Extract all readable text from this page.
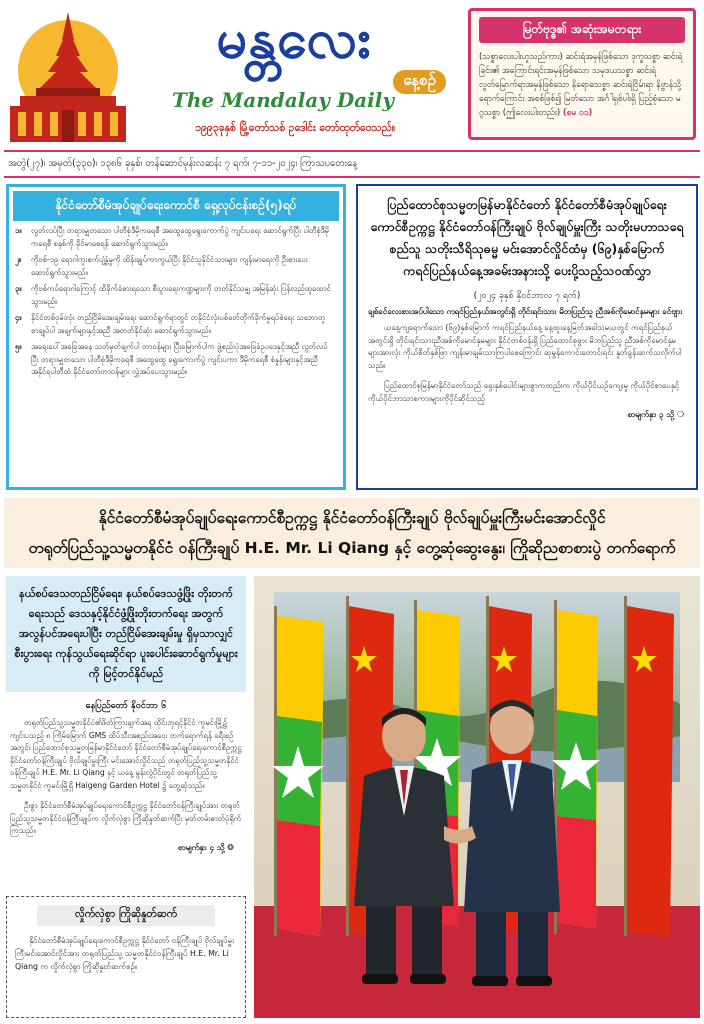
မန္တလေး
နေ့စဉ်
The Mandalay Daily
၁၉၉၃ခုနှစ် မြို့တော်သစ် ဥဒေါင်း တော်ထုတ်ဝေသည်။
မြတ်ဗုဒ္ဓ၏ အဆုံးအမတရား
(သစ္စာလေးပါးဟူသည်ကား) ဆင်းရဲအမှန်ဖြစ်သော ဒုက္ခသစ္စာ ဆင်းရဲခြင်း၏ အကြောင်းရင်းအမှန်ဖြစ်သော သမုဒယသစ္စာ ဆင်းရဲ လွတ်မြောက်ရာအမှန်ဖြစ်သော နိရောဓသစ္စာ ဆင်းရဲငြိမ်းရာ နိဗ္ဗာန်သို့ရောက်ကြောင်း အစစ်ဖြစ်၍ မြတ်သော အင်္ဂါရှစ်ပါးရှိ ပြည့်စုံသော မဂ္ဂသစ္စာ (ဤလေးပါးတည်း) (စမ ၀၁)
အတွဲ(၂၇)၊ အမှတ်(၃၃၀)၊ ၁၃၈၆ ခုနှစ်၊ တန်ဆောင်မုန်းလဆန်း ၇ ရက်၊ ၇-၁၁-၂၀၂၄၊ ကြာသပတေးနေ့
နိုင်ငံတော်စီမံအုပ်ချုပ်ရေးကောင်စီ ရှေ့လုပ်ငန်းစဉ်(၅)ရပ်
၁။	လွတ်လပ်ပြီး တရားမျှတသော ပါတီစုံဒီမိုကရေစီ အထွေထွေရွေးကောက်ပွဲ ကျင်းပရေး ဆောင်ရွက်ပြီး ပါတီစုံဒီမိုကရေစီ စနစ်ကို ခိုင်မာစေရန် ဆောင်ရွက်သွားမည်။
၂။	ကိုဗစ်-၁၉ ရောဂါကူးစက်ပျံ့နှံ့မှုကို ထိန်းချုပ်ကာကွယ်ပြီး နိုင်ငံသူနိုင်ငံသားများ ကျန်းမာရေးကို ဦးစားပေး ဆောင်ရွက်သွားမည်။
၃။	ကိုဗစ်ကပ်ရောဂါကြောင့် ထိခိုက်ခံစားရသော စီးပွားရေးကဏ္ဍများကို တတ်နိုင်သမျှ အမြန်ဆုံး ပြန်လည်ထူထောင်သွားမည်။
၄။	နိုင်ငံတစ်ဝှမ်းလုံး တည်ငြိမ်အေးချမ်းရေး ဆောင်ရွက်ရာတွင် တနိုင်ငံလုံးပစ်ခတ်တိုက်ခိုက်မှုရပ်စဲရေး သဘောတူစာချုပ်ပါ အချက်များနှင့်အညီ အတတ်နိုင်ဆုံး ဆောင်ရွက်သွားမည်။
၅။	အရေးပေါ်အခြေအနေ သတ်မှတ်ချက်ပါ တာဝန်များ ပြီးမြောက်ပါက ဖွဲ့စည်းပုံအခြေခံဥပဒေနှင့်အညီ လွတ်လပ်ပြီး တရားမျှတသော ပါတီစုံဒီမိုကရေစီ အထွေထွေ ရွေးကောက်ပွဲ ကျင်းပကာ ဒီမိုကရေစီ စံနှုန်းများနှင့်အညီ အနိုင်ရပါတီထံ နိုင်ငံတော်တာဝန်များ လွှဲအပ်ပေးသွားမည်။
ပြည်ထောင်စုသမ္မတမြန်မာနိုင်ငံတော် နိုင်ငံတော်စီမံအုပ်ချုပ်ရေး ကောင်စီဥက္ကဋ္ဌ နိုင်ငံတော်ဝန်ကြီးချုပ် ဗိုလ်ချုပ်မှူးကြီး သတိုးမဟာသရေစည်သူ သတိုးသီရိသုဓမ္မ မင်းအောင်လှိုင်ထံမှ (၆၉)နှစ်မြောက် ကရင်ပြည်နယ်နေ့အခမ်းအနားသို့ ပေးပို့သည့်သဝဏ်လွှာ
(၂၀၂၄ ခုနှစ် နိုဝင်ဘာလ ၇ ရက်)
ချစ်ခင်လေးစားအပ်ပါသော ကရင်ပြည်နယ်အတွင်းရှိ တိုင်းရင်းသား မိဘပြည်သူ ညီအစ်ကိုမောင်နှမများ ခင်ဗျား
ယနေ့ကျရောက်သော (၆၉)နှစ်မြောက် ကရင်ပြည်နယ်နေ့ နေ့ထူးနေ့မြတ်အခါသမယတွင် ကရင်ပြည်နယ်အတွင်းရှိ တိုင်းရင်းသားညီအစ်ကိုမောင်နှမများ နိုင်ငံတစ်ဝန်းရှိ ပြည်ထောင်စုဖွား မိဘပြည်သူ ညီအစ်ကိုမောင်နှမများအားလုံး ကိုယ်စိတ်နှစ်ဖြာ ကျန်းမာချမ်းသာကြပါစေကြောင်း ဆုမွန်ကောင်းတောင်းရင်း နှုတ်ခွန်းဆက်သလိုက်ပါသည်။
ပြည်ထောင်စုမြန်မာနိုင်ငံတော်သည် ရှေးနှစ်ပေါင်းများစွာကတည်းက ကိုယ်ပိုင်ယဉ်ကျေးမှု ကိုယ်ပိုင်စာပေနှင့် ကိုယ်ပိုင်ဘာသာစကားများကိုပိုင်ဆိုင်သည့်
စာမျက်နှာ ၃ သို့ ❍
နိုင်ငံတော်စီမံအုပ်ချုပ်ရေးကောင်စီဥက္ကဋ္ဌ နိုင်ငံတော်ဝန်ကြီးချုပ် ဗိုလ်ချုပ်မှူးကြီးမင်းအောင်လှိုင်
တရုတ်ပြည်သူ့သမ္မတနိုင်ငံ ဝန်ကြီးချုပ် H.E. Mr. Li Qiang နှင့် တွေ့ဆုံဆွေးနွေး၊ ကြိုဆိုညစာစားပွဲ တက်ရောက်
နယ်စပ်ဒေသတည်ငြိမ်ရေး၊ နယ်စပ်ဒေသဖွံ့ဖြိုး တိုးတက်ရေးသည် ဒေသနှင့်နိုင်ငံဖွံ့ဖြိုးတိုးတက်ရေး အတွက် အလွန်ပင်အရေးပါပြီး တည်ငြိမ်အေးချမ်းမှု ရှိမှသာလျှင် စီးပွားရေး ကုန်သွယ်ရေးဆိုင်ရာ ပူးပေါင်းဆောင်ရွက်မှုများကို မြင့်တင်နိုင်မည်
နေပြည်တော် နိုဝင်ဘာ ၆
တရုတ်ပြည်သူ့သမ္မတနိုင်ငံ၏ဖိတ်ကြားချက်အရ ထိုင်းဘုရင့်နိုင်ငံ ကူမင်းမြို့၌ ကျင်းပသည့် ၈ ကြိမ်မြောက် GMS ထိပ်သီးအစည်းအဝေး တက်ရောက်ရန် ခရီးစဉ်အတွင်း ပြည်ထောင်စုသမ္မတမြန်မာနိုင်ငံတော် နိုင်ငံတော်စီမံအုပ်ချုပ်ရေးကောင်စီဥက္ကဋ္ဌ နိုင်ငံတော်ဝန်ကြီးချုပ် ဗိုလ်ချုပ်မှူးကြီး မင်းအောင်လှိုင်သည် တရုတ်ပြည်သူ့သမ္မတနိုင်ငံ ဝန်ကြီးချုပ် H.E. Mr. Li Qiang နှင့် ယနေ့ မွန်းလွဲပိုင်းတွင် တရုတ်ပြည်သူ့သမ္မတနိုင်ငံ ကူမင်းမြို့ရှိ Haigeng Garden Hotel ၌ တွေ့ဆုံသည်။
ဦးစွာ နိုင်ငံတော်စီမံအုပ်ချုပ်ရေးကောင်စီဥက္ကဋ္ဌ နိုင်ငံတော်ဝန်ကြီးချုပ်အား တရုတ်ပြည်သူ့သမ္မတနိုင်ငံဝန်ကြီးချုပ်က လှိုက်လှဲစွာ ကြိုဆိုနှုတ်ဆက်ပြီး မှတ်တမ်းဓာတ်ပုံရိုက်ကြသည်။
စာမျက်နှာ ၄ သို့ ❂
လှိုက်လှဲစွာ ကြိုဆိုနှုတ်ဆက်
နိုင်ငံတော်စီမံအုပ်ချုပ်ရေးကောင်စီဥက္ကဋ္ဌ နိုင်ငံတော် ဝန်ကြီးချုပ် ဗိုလ်ချုပ်မှူးကြီးမင်းအောင်လှိုင်အား တရုတ်ပြည်သူ့ သမ္မတနိုင်ငံဝန်ကြီးချုပ် H.E. Mr. Li Qiang က လှိုက်လှဲစွာ ကြိုဆိုနှုတ်ဆက်စဉ်။
